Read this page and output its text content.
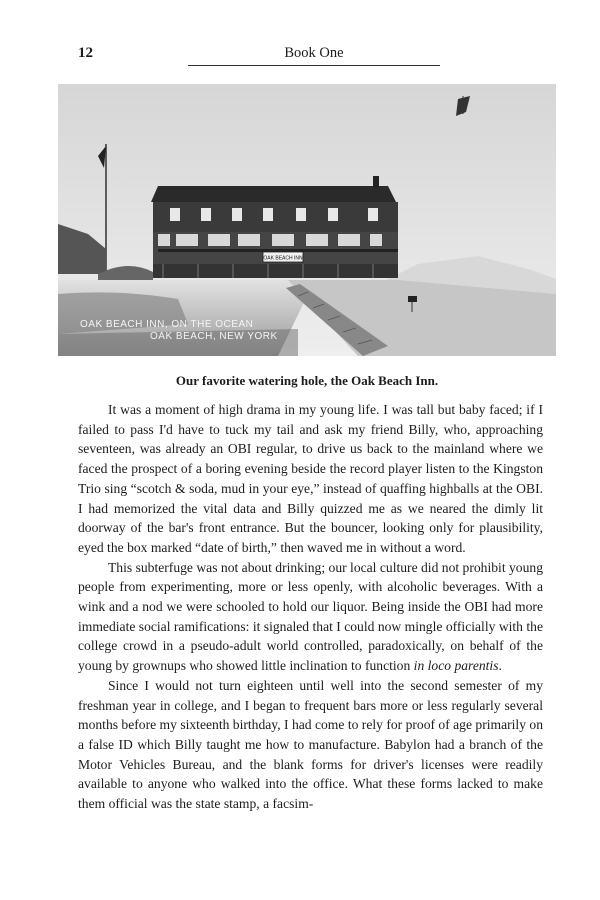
12	Book One
OAK BEACH INN
OAK BEACH INN, ON THE OCEAN
OAK BEACH, NEW YORK
Our favorite watering hole, the Oak Beach Inn.

It was a moment of high drama in my young life. I was tall but baby faced; if I failed to pass I'd have to tuck my tail and ask my friend Billy, who, approaching seventeen, was already an OBI regular, to drive us back to the mainland where we faced the prospect of a boring evening beside the record player listen to the Kingston Trio sing “scotch & soda, mud in your eye,” instead of quaffing highballs at the OBI. I had memorized the vital data and Billy quizzed me as we neared the dimly lit doorway of the bar's front entrance. But the bouncer, looking only for plausibility, eyed the box marked “date of birth,” then waved me in without a word.

This subterfuge was not about drinking; our local culture did not prohibit young people from experimenting, more or less openly, with alcoholic beverages. With a wink and a nod we were schooled to hold our liquor. Being inside the OBI had more immediate social ramifications: it signaled that I could now mingle officially with the college crowd in a pseudo-adult world controlled, paradoxically, on behalf of the young by grownups who showed little inclination to function in loco parentis.

Since I would not turn eighteen until well into the second semester of my freshman year in college, and I began to frequent bars more or less regularly several months before my sixteenth birthday, I had come to rely for proof of age primarily on a false ID which Billy taught me how to manufacture. Babylon had a branch of the Motor Vehicles Bureau, and the blank forms for driver's licenses were readily available to anyone who walked into the office. What these forms lacked to make them official was the state stamp, a facsim-
